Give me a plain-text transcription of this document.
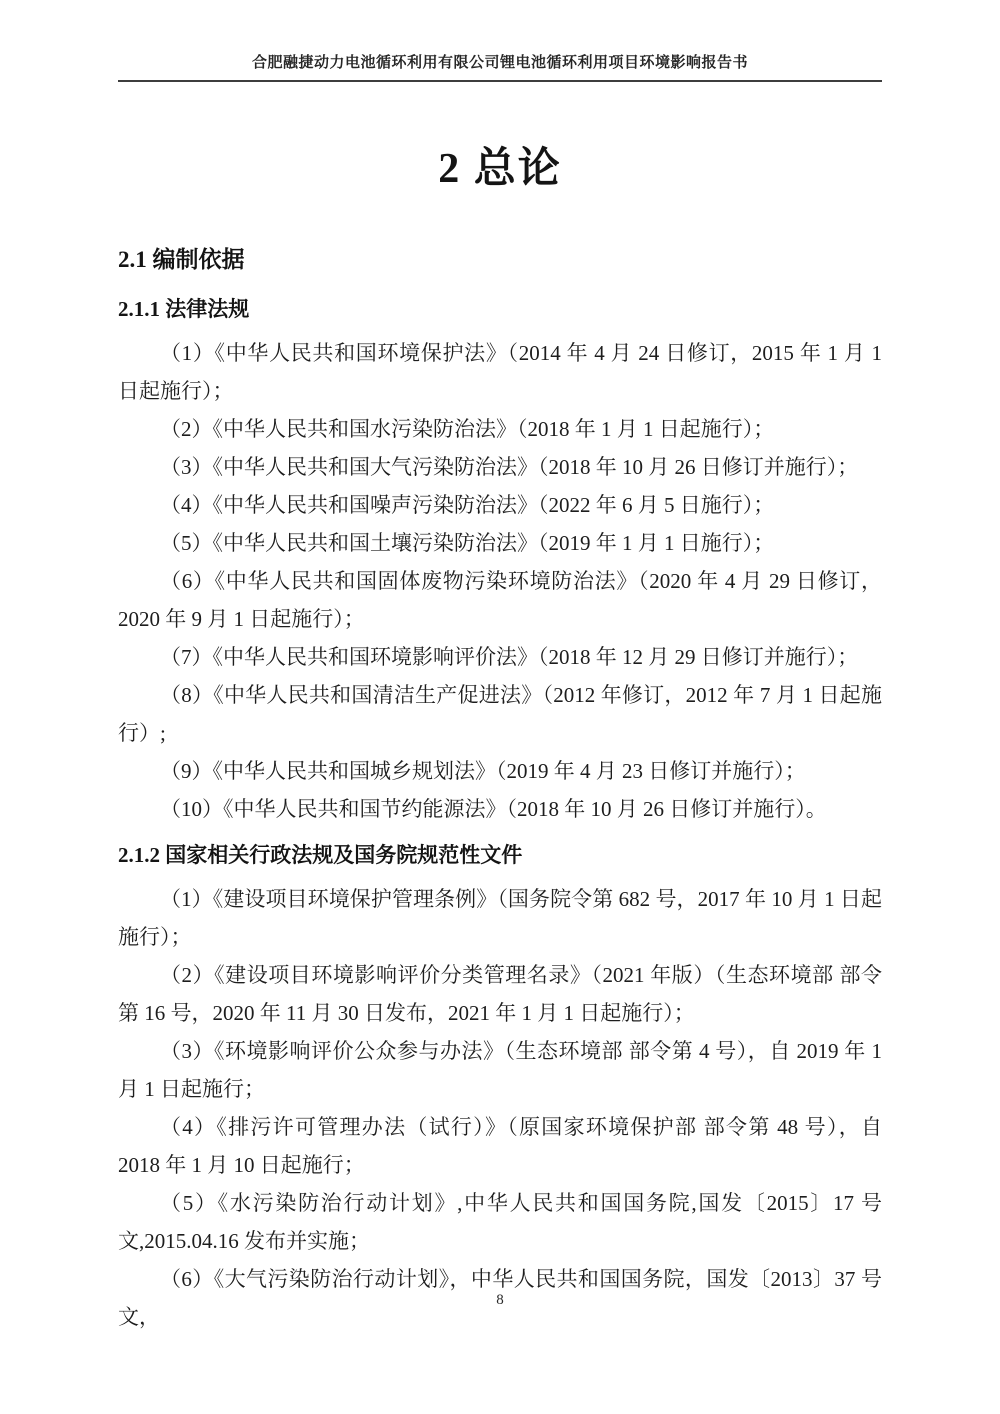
合肥融捷动力电池循环利用有限公司锂电池循环利用项目环境影响报告书
2 总论
2.1 编制依据
2.1.1 法律法规

（1）《中华人民共和国环境保护法》（2014 年 4 月 24 日修订，2015 年 1 月 1 日起施行）；

（2）《中华人民共和国水污染防治法》（2018 年 1 月 1 日起施行）；

（3）《中华人民共和国大气污染防治法》（2018 年 10 月 26 日修订并施行）；

（4）《中华人民共和国噪声污染防治法》（2022 年 6 月 5 日施行）；

（5）《中华人民共和国土壤污染防治法》（2019 年 1 月 1 日施行）；

（6）《中华人民共和国固体废物污染环境防治法》（2020 年 4 月 29 日修订，2020 年 9 月 1 日起施行）；

（7）《中华人民共和国环境影响评价法》（2018 年 12 月 29 日修订并施行）；

（8）《中华人民共和国清洁生产促进法》（2012 年修订，2012 年 7 月 1 日起施行）;

（9）《中华人民共和国城乡规划法》（2019 年 4 月 23 日修订并施行）；

（10）《中华人民共和国节约能源法》（2018 年 10 月 26 日修订并施行）。

2.1.2 国家相关行政法规及国务院规范性文件

（1）《建设项目环境保护管理条例》（国务院令第 682 号，2017 年 10 月 1 日起施行）；

（2）《建设项目环境影响评价分类管理名录》（2021 年版）（生态环境部 部令第 16 号，2020 年 11 月 30 日发布，2021 年 1 月 1 日起施行）；

（3）《环境影响评价公众参与办法》（生态环境部 部令第 4 号），自 2019 年 1 月 1 日起施行；

（4）《排污许可管理办法（试行）》（原国家环境保护部 部令第 48 号），自 2018 年 1 月 10 日起施行；

（5）《水污染防治行动计划》,中华人民共和国国务院,国发〔2015〕17 号文,2015.04.16 发布并实施；

（6）《大气污染防治行动计划》，中华人民共和国国务院，国发〔2013〕37 号文，

8
